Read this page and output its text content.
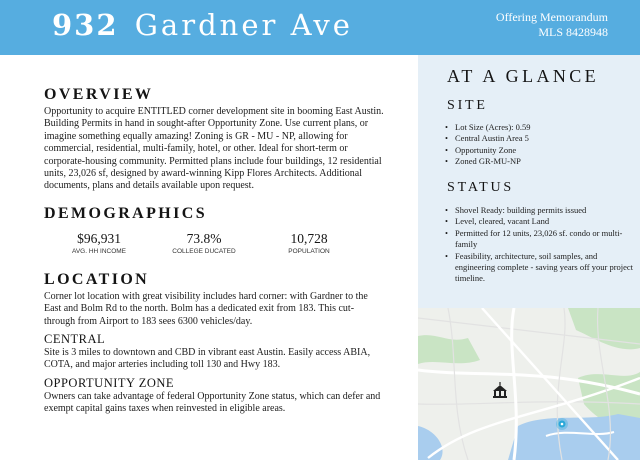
932 Gardner Ave	Offering Memorandum
MLS 8428948
OVERVIEW

Opportunity to acquire ENTITLED corner development site in booming East Austin. Building Permits in hand in sought-after Opportunity Zone. Use current plans, or imagine something equally amazing! Zoning is GR - MU - NP, allowing for commercial, residential, multi-family, hotel, or other. Ideal for short-term or corporate-housing community. Permitted plans include four buildings, 12 residential units, 23,026 sf, designed by award-winning Kipp Flores Architects. Additional documents, plans and details available upon request.

DEMOGRAPHICS
$96,931
AVG. HH INCOME
73.8%
COLLEGE DUCATED
10,728
POPULATION
LOCATION

Corner lot location with great visibility includes hard corner: with Gardner to the East and Bolm Rd to the north. Bolm has a dedicated exit from 183. This cut-through from Airport to 183 sees 6300 vehicles/day.

CENTRAL

Site is 3 miles to downtown and CBD in vibrant east Austin. Easily access ABIA, COTA, and major arteries including toll 130 and Hwy 183.

OPPORTUNITY ZONE

Owners can take advantage of federal Opportunity Zone status, which can defer and exempt capital gains taxes when reinvested in eligible areas.

AT A GLANCE
SITE
• Lot Size (Acres): 0.59
• Central Austin Area 5
• Opportunity Zone
• Zoned GR-MU-NP
STATUS
• Shovel Ready: building permits issued
• Level, cleared, vacant Land
• Permitted for 12 units, 23,026 sf. condo or multi-family
• Feasibility, architecture, soil samples, and engineering complete - saving years off your project timeline.
